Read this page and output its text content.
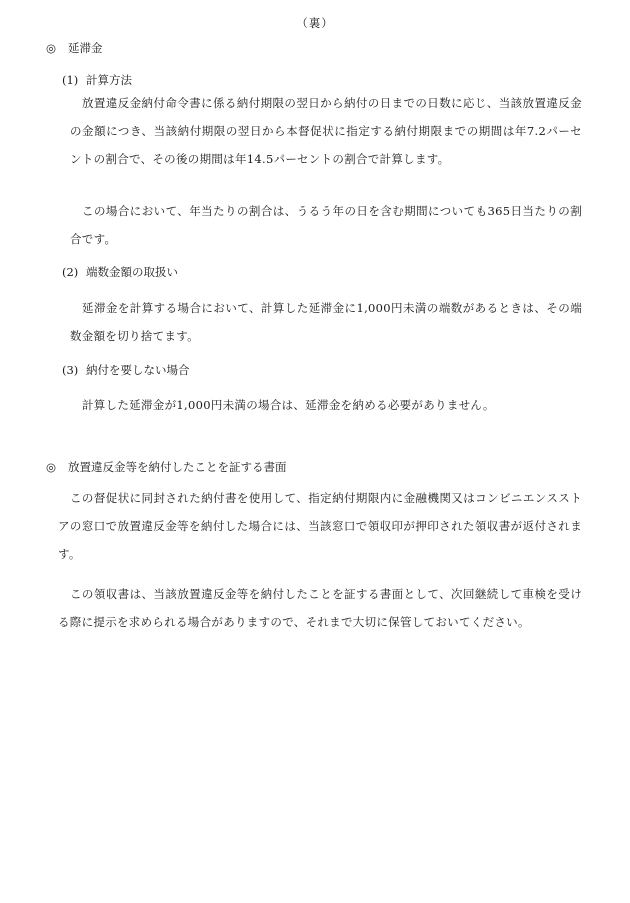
（裏）
◎ 延滞金
(1) 計算方法
放置違反金納付命令書に係る納付期限の翌日から納付の日までの日数に応じ、当該放置違反金の金額につき、当該納付期限の翌日から本督促状に指定する納付期限までの期間は年7.2パーセントの割合で、その後の期間は年14.5パーセントの割合で計算します。
この場合において、年当たりの割合は、うるう年の日を含む期間についても365日当たりの割合です。
(2) 端数金額の取扱い
延滞金を計算する場合において、計算した延滞金に1,000円未満の端数があるときは、その端数金額を切り捨てます。
(3) 納付を要しない場合
計算した延滞金が1,000円未満の場合は、延滞金を納める必要がありません。
◎ 放置違反金等を納付したことを証する書面
この督促状に同封された納付書を使用して、指定納付期限内に金融機関又はコンビニエンスストアの窓口で放置違反金等を納付した場合には、当該窓口で領収印が押印された領収書が返付されます。
この領収書は、当該放置違反金等を納付したことを証する書面として、次回継続して車検を受ける際に提示を求められる場合がありますので、それまで大切に保管しておいてください。
